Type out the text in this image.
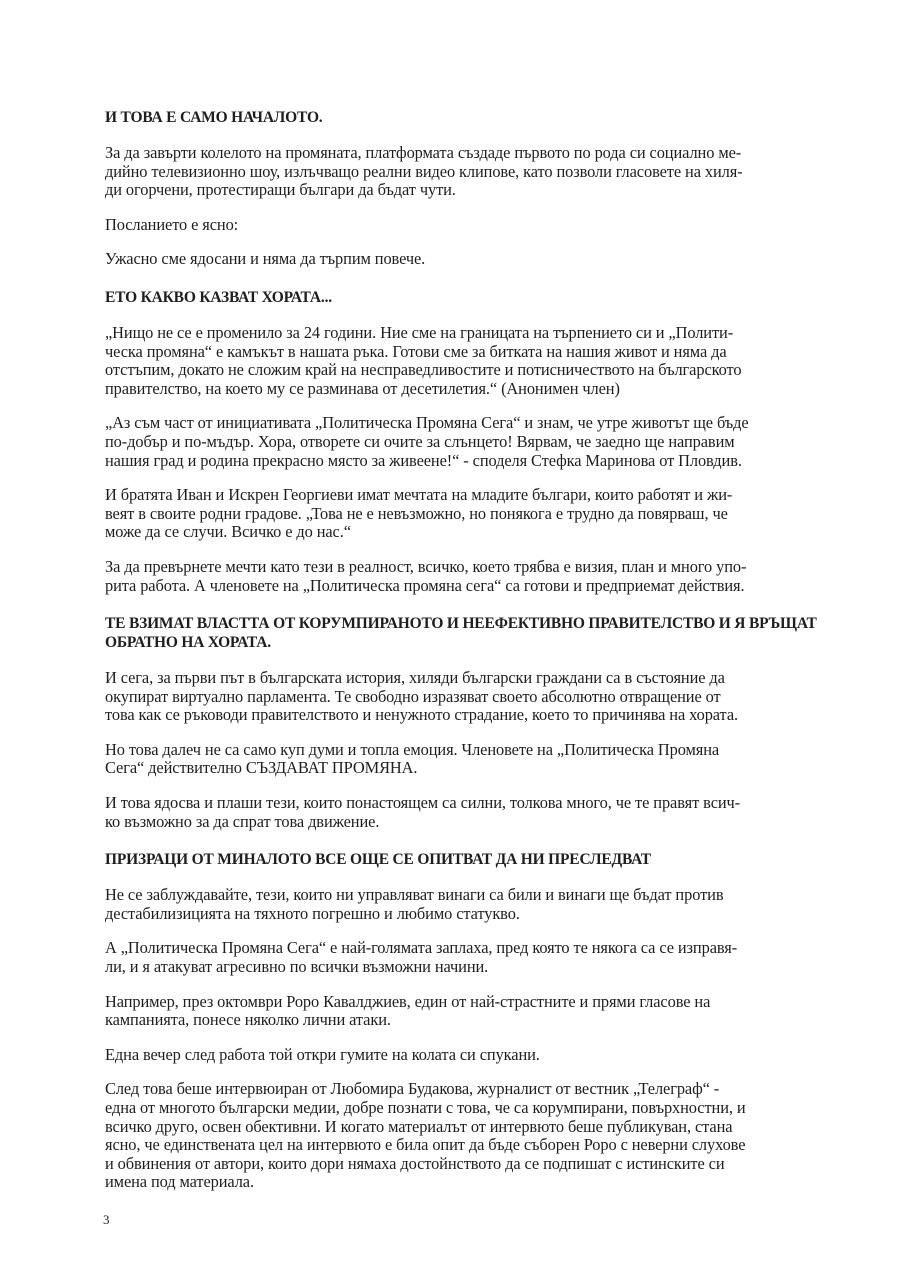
И ТОВА Е САМО НАЧАЛОТО.
За да завърти колелото на промяната, платформата създаде първото по рода си социално ме-
дийно телевизионно шоу, излъчващо реални видео клипове, като позволи гласовете на хиля-
ди огорчени, протестиращи българи да бъдат чути.
Посланието е ясно:
Ужасно сме ядосани и няма да търпим повече.
ЕТО КАКВО КАЗВАТ ХОРАТА...
„Нищо не се е променило за 24 години. Ние сме на границата на търпението си и „Полити-
ческа промяна“ е камъкът в нашата ръка. Готови сме за битката на нашия живот и няма да
отстъпим, докато не сложим край на несправедливостите и потисничеството на българското
правителство, на което му се разминава от десетилетия.“ (Анонимен член)
„Аз съм част от инициативата „Политическа Промяна Сега“ и знам, че утре животът ще бъде
по-добър и по-мъдър. Хора, отворете си очите за слънцето! Вярвам, че заедно ще направим
нашия град и родина прекрасно място за живеене!“ - споделя Стефка Маринова от Пловдив.
И братята Иван и Искрен Георгиеви имат мечтата на младите българи, които работят и жи-
веят в своите родни градове. „Това не е невъзможно, но понякога е трудно да повярваш, че
може да се случи. Всичко е до нас.“
За да превърнете мечти като тези в реалност, всичко, което трябва е визия, план и много упо-
рита работа. А членовете на „Политическа промяна сега“ са готови и предприемат действия.
ТЕ ВЗИМАТ ВЛАСТТА ОТ КОРУМПИРАНОТО И НЕЕФЕКТИВНО ПРАВИТЕЛСТВО И Я ВРЪЩАТ
ОБРАТНО НА ХОРАТА.
И сега, за първи път в българската история, хиляди български граждани са в състояние да
окупират виртуално парламента. Те свободно изразяват своето абсолютно отвращение от
това как се ръководи правителството и ненужното страдание, което то причинява на хората.
Но това далеч не са само куп думи и топла емоция. Членовете на „Политическа Промяна
Сега“ действително СЪЗДАВАТ ПРОМЯНА.
И това ядосва и плаши тези, които понастоящем са силни, толкова много, че те правят всич-
ко възможно за да спрат това движение.
ПРИЗРАЦИ ОТ МИНАЛОТО ВСЕ ОЩЕ СЕ ОПИТВАТ ДА НИ ПРЕСЛЕДВАТ
Не се заблуждавайте, тези, които ни управляват винаги са били и винаги ще бъдат против
дестабилизицията на тяхното погрешно и любимо статукво.
А „Политическа Промяна Сега“ е най-голямата заплаха, пред която те някога са се изправя-
ли, и я атакуват агресивно по всички възможни начини.
Например, през октомври Роро Кавалджиев, един от най-страстните и прями гласове на
кампанията, понесе няколко лични атаки.
Една вечер след работа той откри гумите на колата си спукани.
След това беше интервюиран от Любомира Будакова, журналист от вестник „Телеграф“ -
една от многото български медии, добре познати с това, че са корумпирани, повърхностни, и
всичко друго, освен обективни. И когато материалът от интервюто беше публикуван, стана
ясно, че единствената цел на интервюто е била опит да бъде съборен Роро с неверни слухове
и обвинения от автори, които дори нямаха достойнството да се подпишат с истинските си
имена под материала.
3
